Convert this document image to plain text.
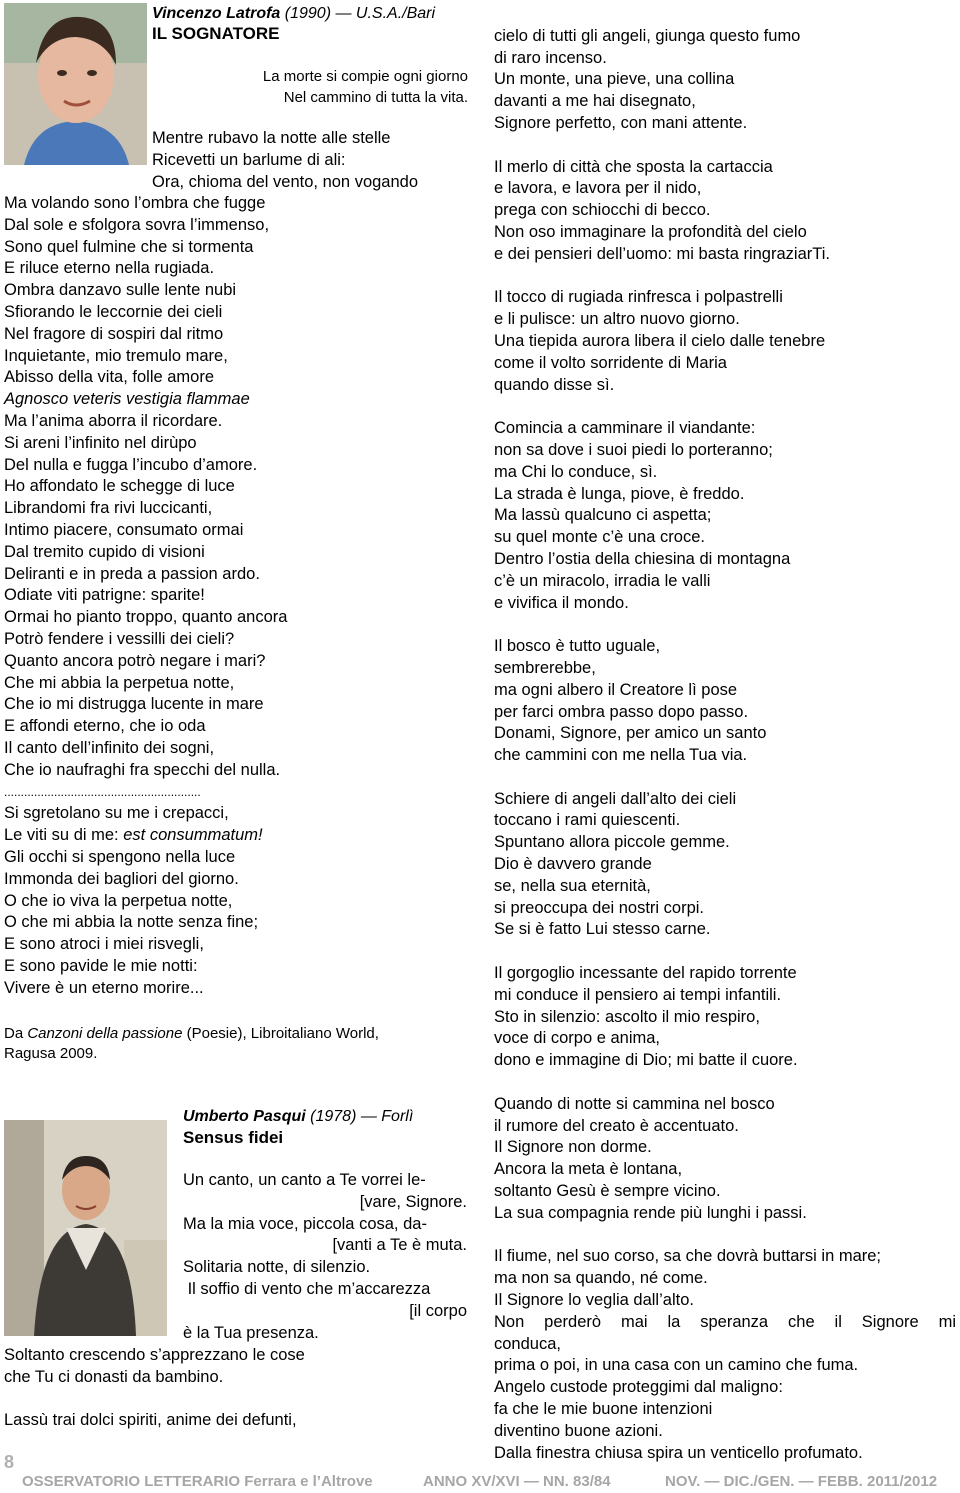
Vincenzo Latrofa (1990) — U.S.A./Bari
IL SOGNATORE
La morte si compie ogni giorno
Nel cammino di tutta la vita.
Mentre rubavo la notte alle stelle
Ricevetti un barlume di ali:
Ora, chioma del vento, non vogando
Ma volando sono l’ombra che fugge
Dal sole e sfolgora sovra l’immenso,
Sono quel fulmine che si tormenta
E riluce eterno nella rugiada.
Ombra danzavo sulle lente nubi
Sfiorando le leccornie dei cieli
Nel fragore di sospiri dal ritmo
Inquietante, mio tremulo mare,
Abisso della vita, folle amore
Agnosco veteris vestigia flammae
Ma l’anima aborra il ricordare.
Si areni l’infinito nel dirùpo
Del nulla e fugga l’incubo d’amore.
Ho affondato le schegge di luce
Librandomi fra rivi luccicanti,
Intimo piacere, consumato ormai
Dal tremito cupido di visioni
Deliranti e in preda a passion ardo.
Odiate viti patrigne: sparite!
Ormai ho pianto troppo, quanto ancora
Potrò fendere i vessilli dei cieli?
Quanto ancora potrò negare i mari?
Che mi abbia la perpetua notte,
Che io mi distrugga lucente in mare
E affondi eterno, che io oda
Il canto dell’infinito dei sogni,
Che io naufraghi fra specchi del nulla.
...........................................................
Si sgretolano su me i crepacci,
Le viti su di me: est consummatum!
Gli occhi si spengono nella luce
Immonda dei bagliori del giorno.
O che io viva la perpetua notte,
O che mi abbia la notte senza fine;
E sono atroci i miei risvegli,
E sono pavide le mie notti:
Vivere è un eterno morire...
Da Canzoni della passione (Poesie), Libroitaliano World,
Ragusa 2009.
Umberto Pasqui (1978) — Forlì
Sensus fidei
Un canto, un canto a Te vorrei le-
[vare, Signore.
Ma la mia voce, piccola cosa, da-
[vanti a Te è muta.
Solitaria notte, di silenzio.
Il soffio di vento che m’accarezza
[il corpo
è la Tua presenza.
Soltanto crescendo s’apprezzano le cose
che Tu ci donasti da bambino.
Lassù trai dolci spiriti, anime dei defunti,

cielo di tutti gli angeli, giunga questo fumo
di raro incenso.
Un monte, una pieve, una collina
davanti a me hai disegnato,
Signore perfetto, con mani attente.

Il merlo di città che sposta la cartaccia
e lavora, e lavora per il nido,
prega con schiocchi di becco.
Non oso immaginare la profondità del cielo
e dei pensieri dell’uomo: mi basta ringraziarTi.

Il tocco di rugiada rinfresca i polpastrelli
e li pulisce: un altro nuovo giorno.
Una tiepida aurora libera il cielo dalle tenebre
come il volto sorridente di Maria
quando disse sì.

Comincia a camminare il viandante:
non sa dove i suoi piedi lo porteranno;
ma Chi lo conduce, sì.
La strada è lunga, piove, è freddo.
Ma lassù qualcuno ci aspetta;
su quel monte c’è una croce.
Dentro l’ostia della chiesina di montagna
c’è un miracolo, irradia le valli
e vivifica il mondo.

Il bosco è tutto uguale,
sembrerebbe,
ma ogni albero il Creatore lì pose
per farci ombra passo dopo passo.
Donami, Signore, per amico un santo
che cammini con me nella Tua via.

Schiere di angeli dall’alto dei cieli
toccano i rami quiescenti.
Spuntano allora piccole gemme.
Dio è davvero grande
se, nella sua eternità,
si preoccupa dei nostri corpi.
Se si è fatto Lui stesso carne.

Il gorgoglio incessante del rapido torrente
mi conduce il pensiero ai tempi infantili.
Sto in silenzio: ascolto il mio respiro,
voce di corpo e anima,
dono e immagine di Dio; mi batte il cuore.

Quando di notte si cammina nel bosco
il rumore del creato è accentuato.
Il Signore non dorme.
Ancora la meta è lontana,
soltanto Gesù è sempre vicino.
La sua compagnia rende più lunghi i passi.

Il fiume, nel suo corso, sa che dovrà buttarsi in mare;
ma non sa quando, né come.
Il Signore lo veglia dall’alto.
Non perderò mai la speranza che il Signore mi
conduca,
prima o poi, in una casa con un camino che fuma.
Angelo custode proteggimi dal maligno:
fa che le mie buone intenzioni
diventino buone azioni.
Dalla finestra chiusa spira un venticello profumato.

8
OSSERVATORIO LETTERARIO Ferrara e l’Altrove	ANNO XV/XVI — NN. 83/84	NOV. — DIC./GEN. — FEBB. 2011/2012
